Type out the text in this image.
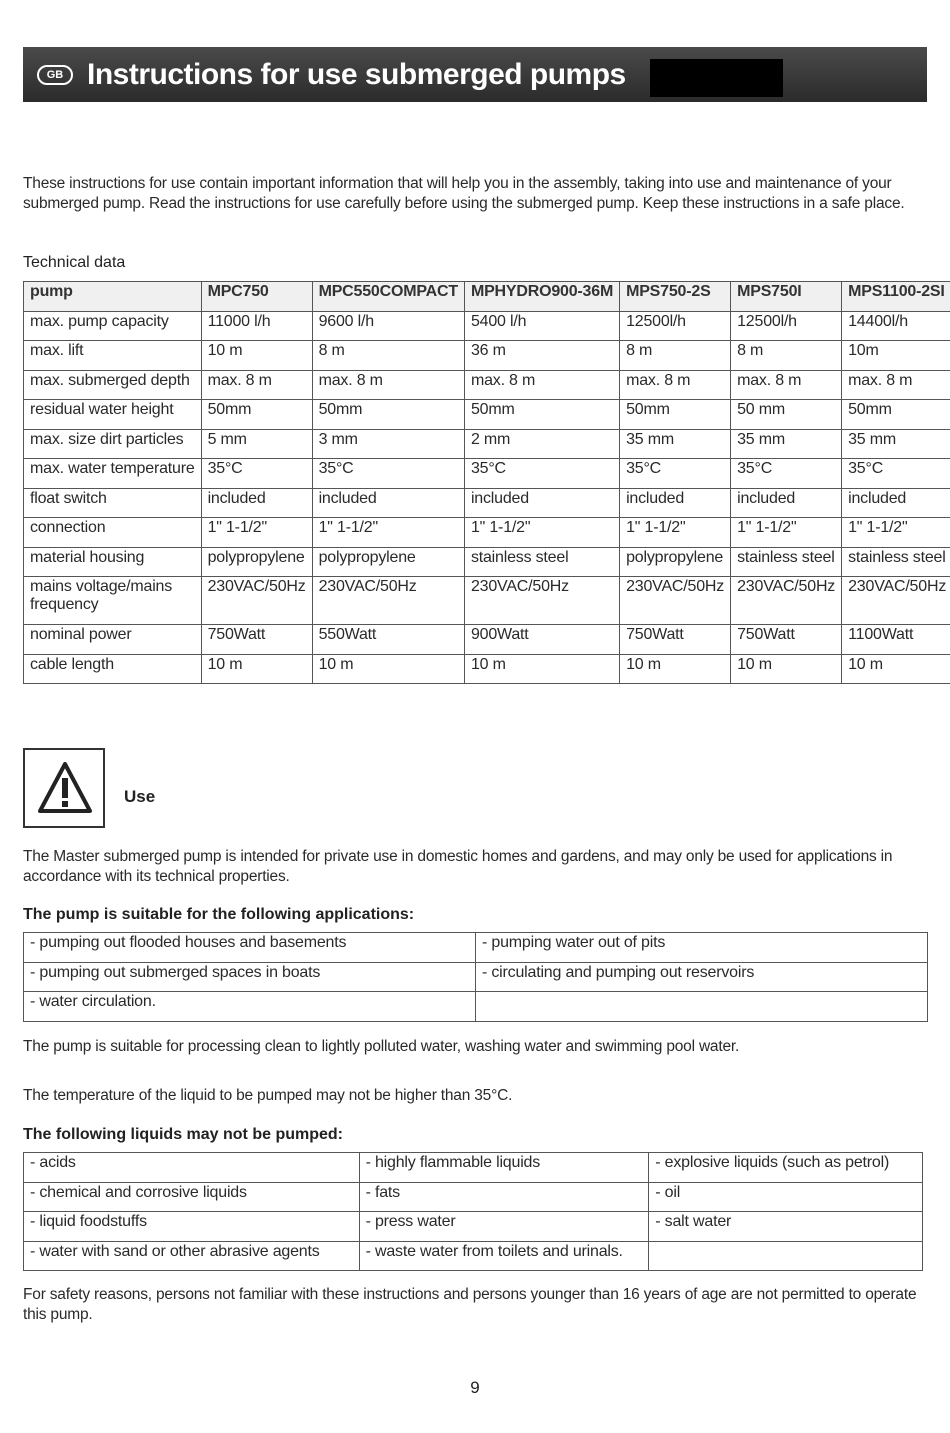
GB Instructions for use submerged pumps

These instructions for use contain important information that will help you in the assembly, taking into use and maintenance of your submerged pump. Read the instructions for use carefully before using the submerged pump. Keep these instructions in a safe place.

Technical data
pump	MPC750	MPC550COMPACT	MPHYDRO900-36M	MPS750-2S	MPS750I	MPS1100-2SI
max. pump capacity	11000 l/h	9600 l/h	5400 l/h	12500l/h	12500l/h	14400l/h
max. lift	10 m	8 m	36 m	8 m	8 m	10m
max. submerged depth	max. 8 m	max. 8 m	max. 8 m	max. 8 m	max. 8 m	max. 8 m
residual water height	50mm	50mm	50mm	50mm	50 mm	50mm
max. size dirt particles	5 mm	3 mm	2 mm	35 mm	35 mm	35 mm
max. water temperature	35°C	35°C	35°C	35°C	35°C	35°C
float switch	included	included	included	included	included	included
connection	1" 1-1/2"	1" 1-1/2"	1" 1-1/2"	1" 1-1/2"	1" 1-1/2"	1" 1-1/2"
material housing	polypropylene	polypropylene	stainless steel	polypropylene	stainless steel	stainless steel
mains voltage/mains frequency	230VAC/50Hz	230VAC/50Hz	230VAC/50Hz	230VAC/50Hz	230VAC/50Hz	230VAC/50Hz
nominal power	750Watt	550Watt	900Watt	750Watt	750Watt	1100Watt
cable length	10 m	10 m	10 m	10 m	10 m	10 m
Use

The Master submerged pump is intended for private use in domestic homes and gardens, and may only be used for applications in accordance with its technical properties.

The pump is suitable for the following applications:
- pumping out flooded houses and basements	- pumping water out of pits
- pumping out submerged spaces in boats	- circulating and pumping out reservoirs
- water circulation.	

The pump is suitable for processing clean to lightly polluted water, washing water and swimming pool water.

The temperature of the liquid to be pumped may not be higher than 35°C.

The following liquids may not be pumped:
- acids	- highly flammable liquids	- explosive liquids (such as petrol)
- chemical and corrosive liquids	- fats	- oil
- liquid foodstuffs	- press water	- salt water
- water with sand or other abrasive agents	- waste water from toilets and urinals.	

For safety reasons, persons not familiar with these instructions and persons younger than 16 years of age are not permitted to operate this pump.

9
